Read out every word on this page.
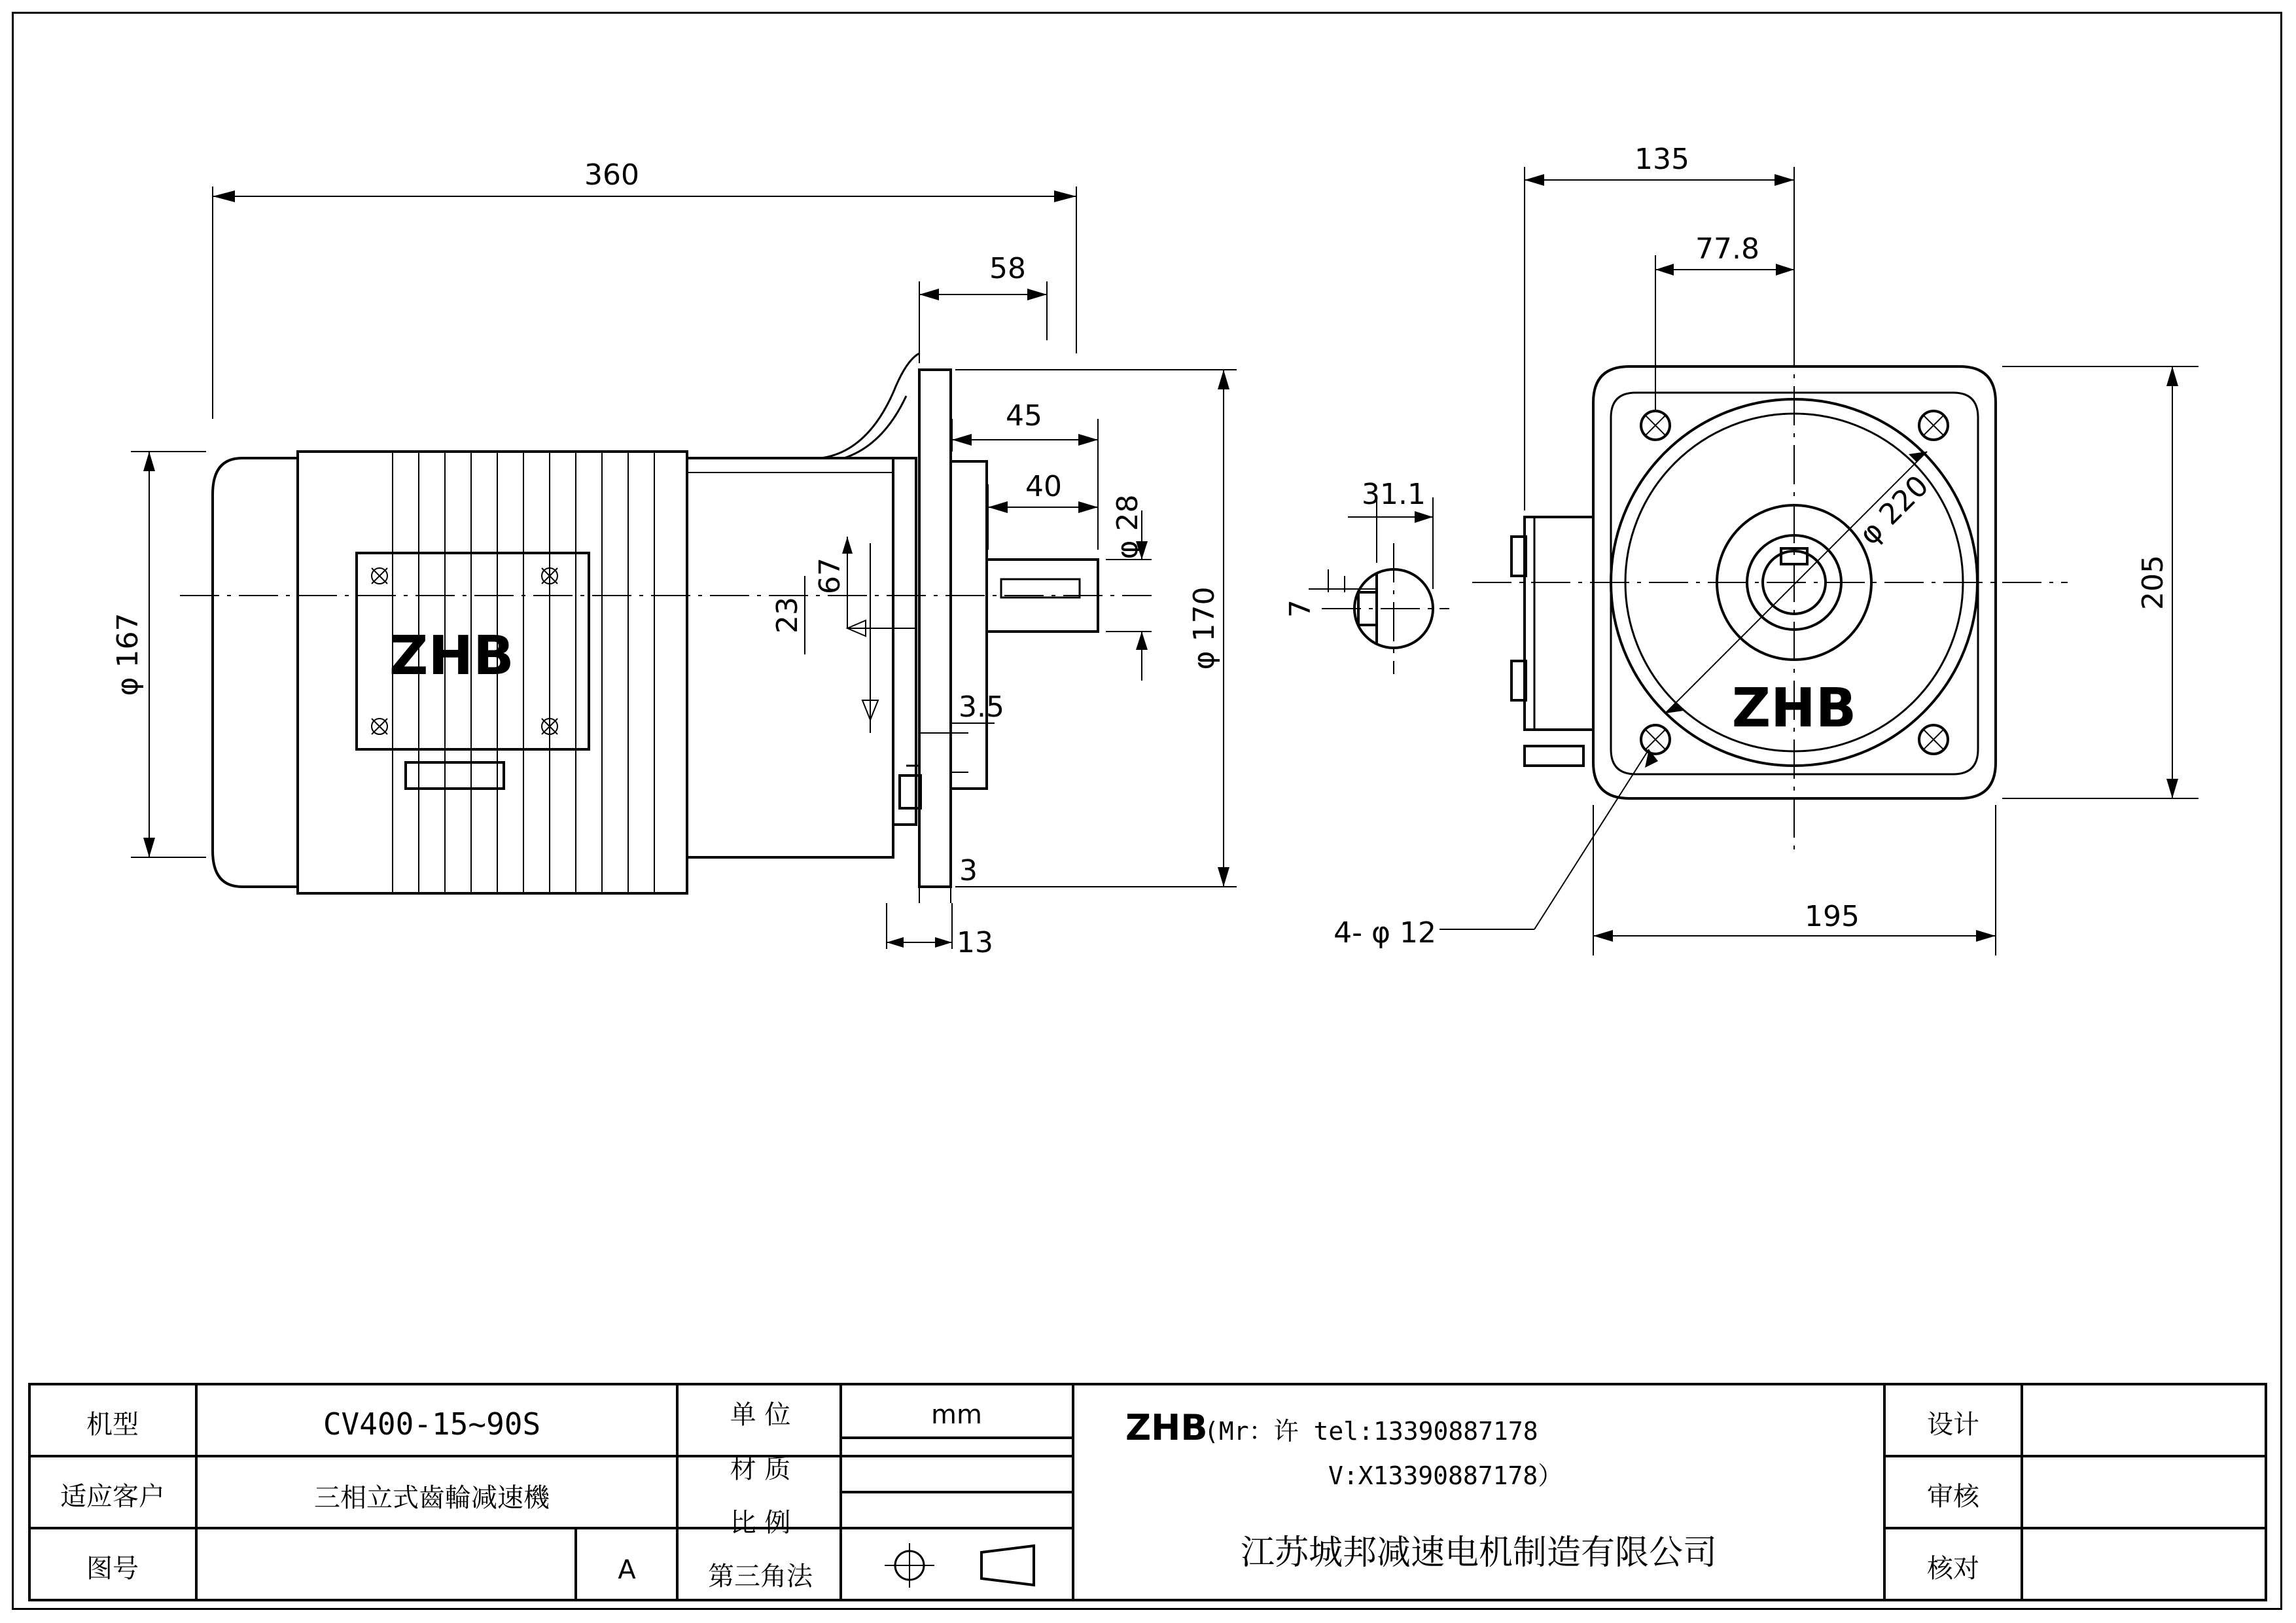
ZHB
360
58
45
40
φ 28
φ 170
φ 167
67
23
3.5
3
13
31.1
7
ZHB
φ 220
4- φ 12
135
77.8
195
205
机型
适应客户
图号
CV400-15~90S
三相立式齒輪减速機
A
单 位
材 质
比 例
第三角法
mm	ZHB
(Mr：许 tel:13390887178
V:X13390887178）
江苏城邦减速电机制造有限公司
设计
审核
核对
